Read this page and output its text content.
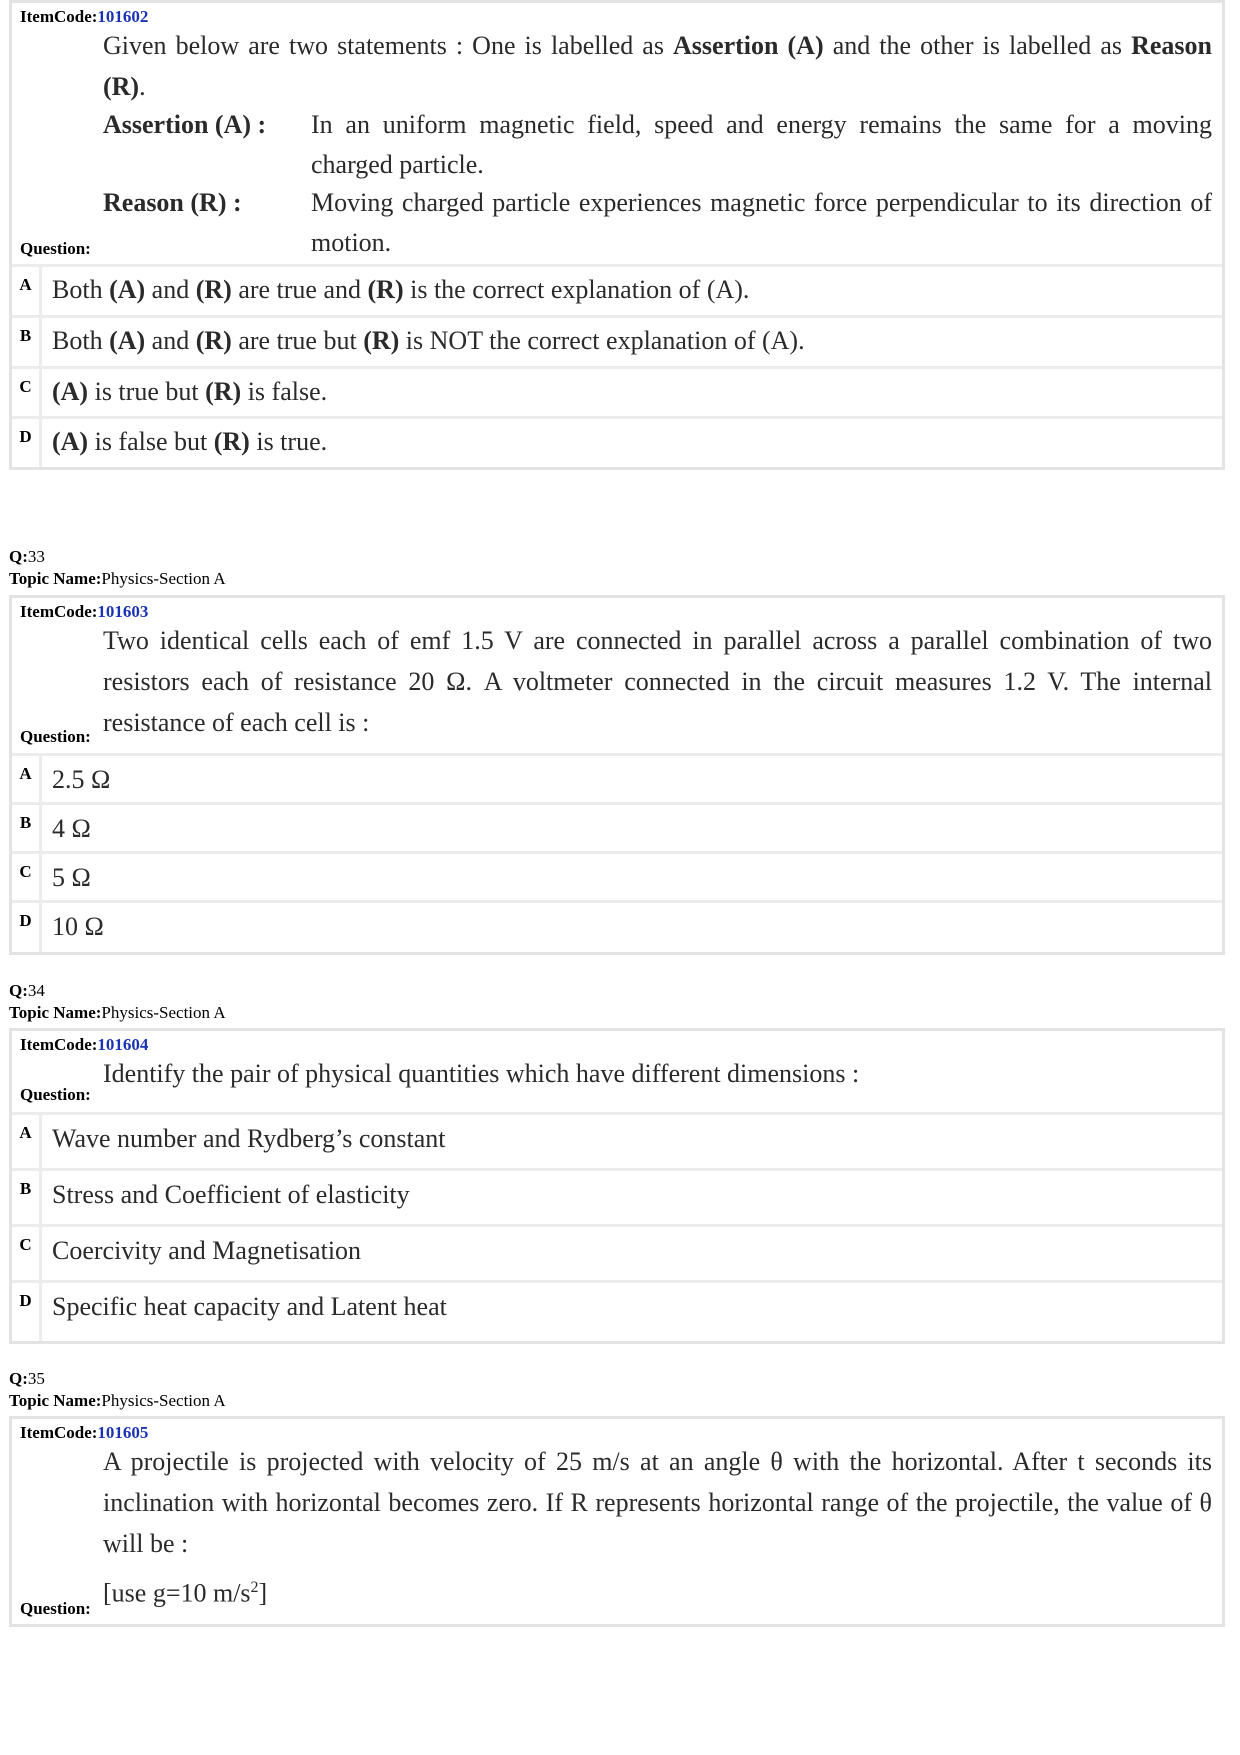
ItemCode:101602
Given below are two statements : One is labelled as Assertion (A) and the other is labelled as Reason (R).
Assertion (A) : In an uniform magnetic field, speed and energy remains the same for a moving charged particle.
Reason (R) :	Moving charged particle experiences magnetic force perpendicular to its direction of motion.
Question:
A Both (A) and (R) are true and (R) is the correct explanation of (A).
B Both (A) and (R) are true but (R) is NOT the correct explanation of (A).
C (A) is true but (R) is false.
D (A) is false but (R) is true.
Q:33
Topic Name:Physics-Section A
ItemCode:101603
Two identical cells each of emf 1.5 V are connected in parallel across a parallel combination of two resistors each of resistance 20 Ω. A voltmeter connected in the circuit measures 1.2 V. The internal resistance of each cell is :
Question:
A 2.5 Ω
B 4 Ω
C 5 Ω
D 10 Ω
Q:34
Topic Name:Physics-Section A
ItemCode:101604
Identify the pair of physical quantities which have different dimensions :
Question:
A Wave number and Rydberg’s constant
B Stress and Coefficient of elasticity
C Coercivity and Magnetisation
D Specific heat capacity and Latent heat
Q:35
Topic Name:Physics-Section A
ItemCode:101605
A projectile is projected with velocity of 25 m/s at an angle θ with the horizontal. After t seconds its inclination with horizontal becomes zero. If R represents horizontal range of the projectile, the value of θ will be :
[use g=10 $m/s^2$]
Question:
